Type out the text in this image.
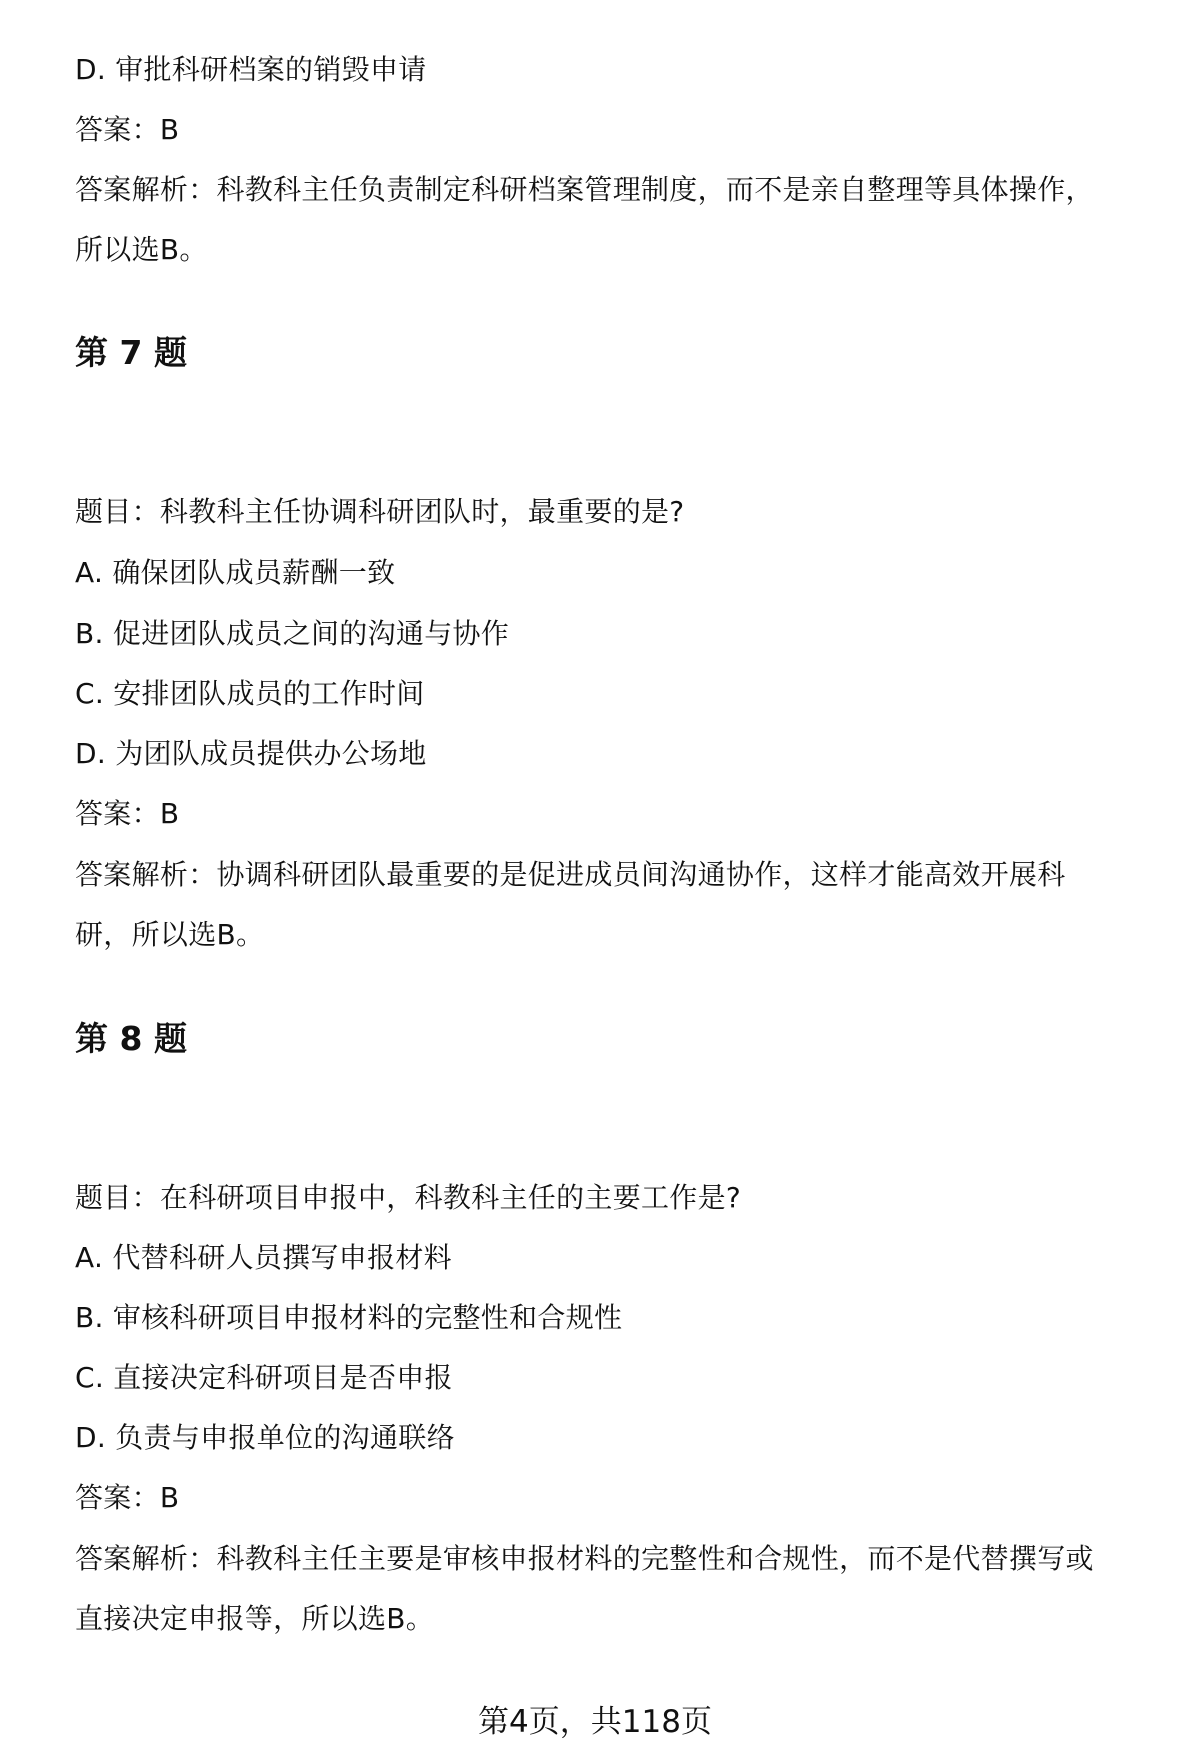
D. 审批科研档案的销毁申请
答案：B
答案解析：科教科主任负责制定科研档案管理制度，而不是亲自整理等具体操作，
所以选B。
第 7 题
题目：科教科主任协调科研团队时，最重要的是?
A. 确保团队成员薪酬一致
B. 促进团队成员之间的沟通与协作
C. 安排团队成员的工作时间
D. 为团队成员提供办公场地
答案：B
答案解析：协调科研团队最重要的是促进成员间沟通协作，这样才能高效开展科
研，所以选B。
第 8 题
题目：在科研项目申报中，科教科主任的主要工作是?
A. 代替科研人员撰写申报材料
B. 审核科研项目申报材料的完整性和合规性
C. 直接决定科研项目是否申报
D. 负责与申报单位的沟通联络
答案：B
答案解析：科教科主任主要是审核申报材料的完整性和合规性，而不是代替撰写或
直接决定申报等，所以选B。
第4页，共118页
